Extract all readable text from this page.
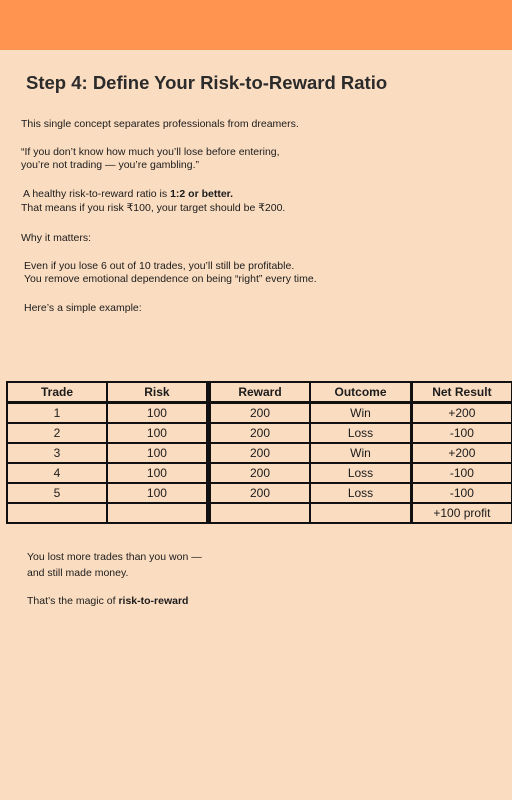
Step 4: Define Your Risk-to-Reward Ratio

This single concept separates professionals from dreamers.

“If you don’t know how much you’ll lose before entering,

you’re not trading — you’re gambling.”

A healthy risk-to-reward ratio is 1:2 or better.

That means if you risk ₹100, your target should be ₹200.

Why it matters:

Even if you lose 6 out of 10 trades, you’ll still be profitable.

You remove emotional dependence on being “right” every time.

Here’s a simple example:

Trade	Risk	Reward	Outcome	Net Result
1	100	200	Win	+200
2	100	200	Loss	-100
3	100	200	Win	+200
4	100	200	Loss	-100
5	100	200	Loss	-100
				+100 profit

You lost more trades than you won —

and still made money.

That’s the magic of risk-to-reward
